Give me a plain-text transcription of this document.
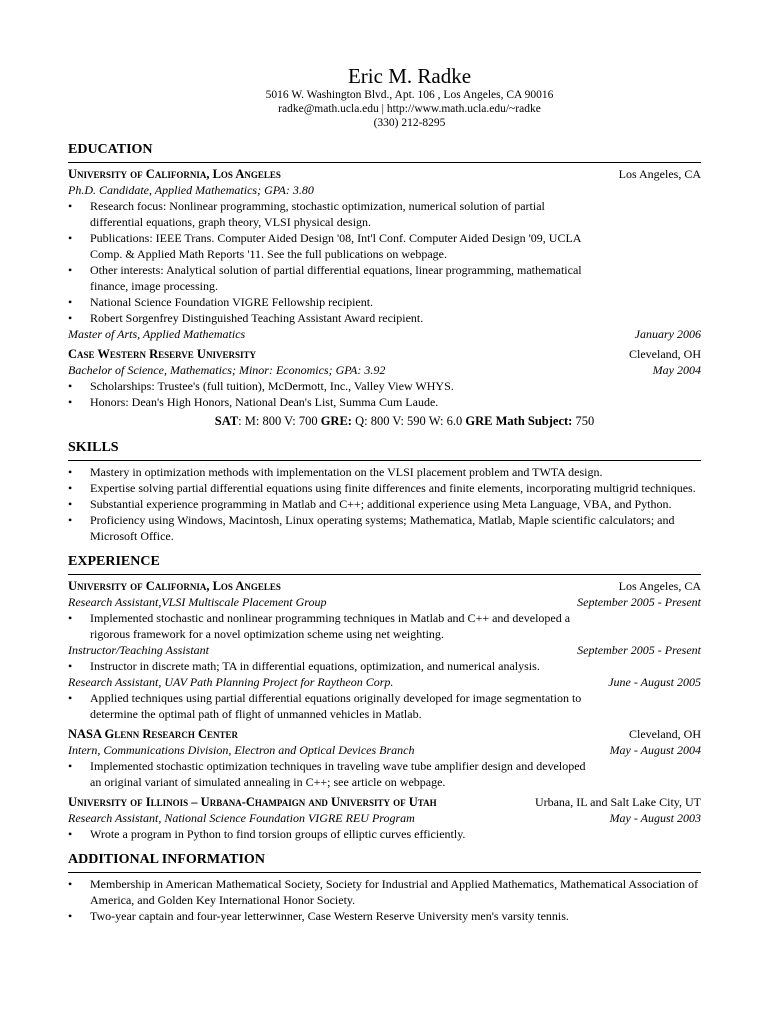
Eric M. Radke
5016 W. Washington Blvd., Apt. 106 , Los Angeles, CA 90016
radke@math.ucla.edu | http://www.math.ucla.edu/~radke
(330) 212-8295
EDUCATION
University of California, Los Angeles	Los Angeles, CA
Ph.D. Candidate, Applied Mathematics; GPA: 3.80
• Research focus: Nonlinear programming, stochastic optimization, numerical solution of partial differential equations, graph theory, VLSI physical design.
• Publications: IEEE Trans. Computer Aided Design '08, Int'l Conf. Computer Aided Design '09, UCLA Comp. & Applied Math Reports '11. See the full publications on webpage.
• Other interests: Analytical solution of partial differential equations, linear programming, mathematical finance, image processing.
• National Science Foundation VIGRE Fellowship recipient.
• Robert Sorgenfrey Distinguished Teaching Assistant Award recipient.
Master of Arts, Applied Mathematics	January 2006
Case Western Reserve University	Cleveland, OH
Bachelor of Science, Mathematics; Minor: Economics; GPA: 3.92	May 2004
• Scholarships: Trustee's (full tuition), McDermott, Inc., Valley View WHYS.
• Honors: Dean's High Honors, National Dean's List, Summa Cum Laude.
SAT: M: 800 V: 700 GRE: Q: 800 V: 590 W: 6.0 GRE Math Subject: 750
SKILLS
• Mastery in optimization methods with implementation on the VLSI placement problem and TWTA design.
• Expertise solving partial differential equations using finite differences and finite elements, incorporating multigrid techniques.
• Substantial experience programming in Matlab and C++; additional experience using Meta Language, VBA, and Python.
• Proficiency using Windows, Macintosh, Linux operating systems; Mathematica, Matlab, Maple scientific calculators; and Microsoft Office.
EXPERIENCE
University of California, Los Angeles	Los Angeles, CA
Research Assistant,VLSI Multiscale Placement Group	September 2005 - Present
• Implemented stochastic and nonlinear programming techniques in Matlab and C++ and developed a rigorous framework for a novel optimization scheme using net weighting.
Instructor/Teaching Assistant	September 2005 - Present
• Instructor in discrete math; TA in differential equations, optimization, and numerical analysis.
Research Assistant, UAV Path Planning Project for Raytheon Corp.	June - August 2005
• Applied techniques using partial differential equations originally developed for image segmentation to determine the optimal path of flight of unmanned vehicles in Matlab.
NASA Glenn Research Center	Cleveland, OH
Intern, Communications Division, Electron and Optical Devices Branch	May - August 2004
• Implemented stochastic optimization techniques in traveling wave tube amplifier design and developed an original variant of simulated annealing in C++; see article on webpage.
University of Illinois – Urbana-Champaign and University of Utah	Urbana, IL and Salt Lake City, UT
Research Assistant, National Science Foundation VIGRE REU Program	May - August 2003
• Wrote a program in Python to find torsion groups of elliptic curves efficiently.
ADDITIONAL INFORMATION
• Membership in American Mathematical Society, Society for Industrial and Applied Mathematics, Mathematical Association of America, and Golden Key International Honor Society.
• Two-year captain and four-year letterwinner, Case Western Reserve University men's varsity tennis.
